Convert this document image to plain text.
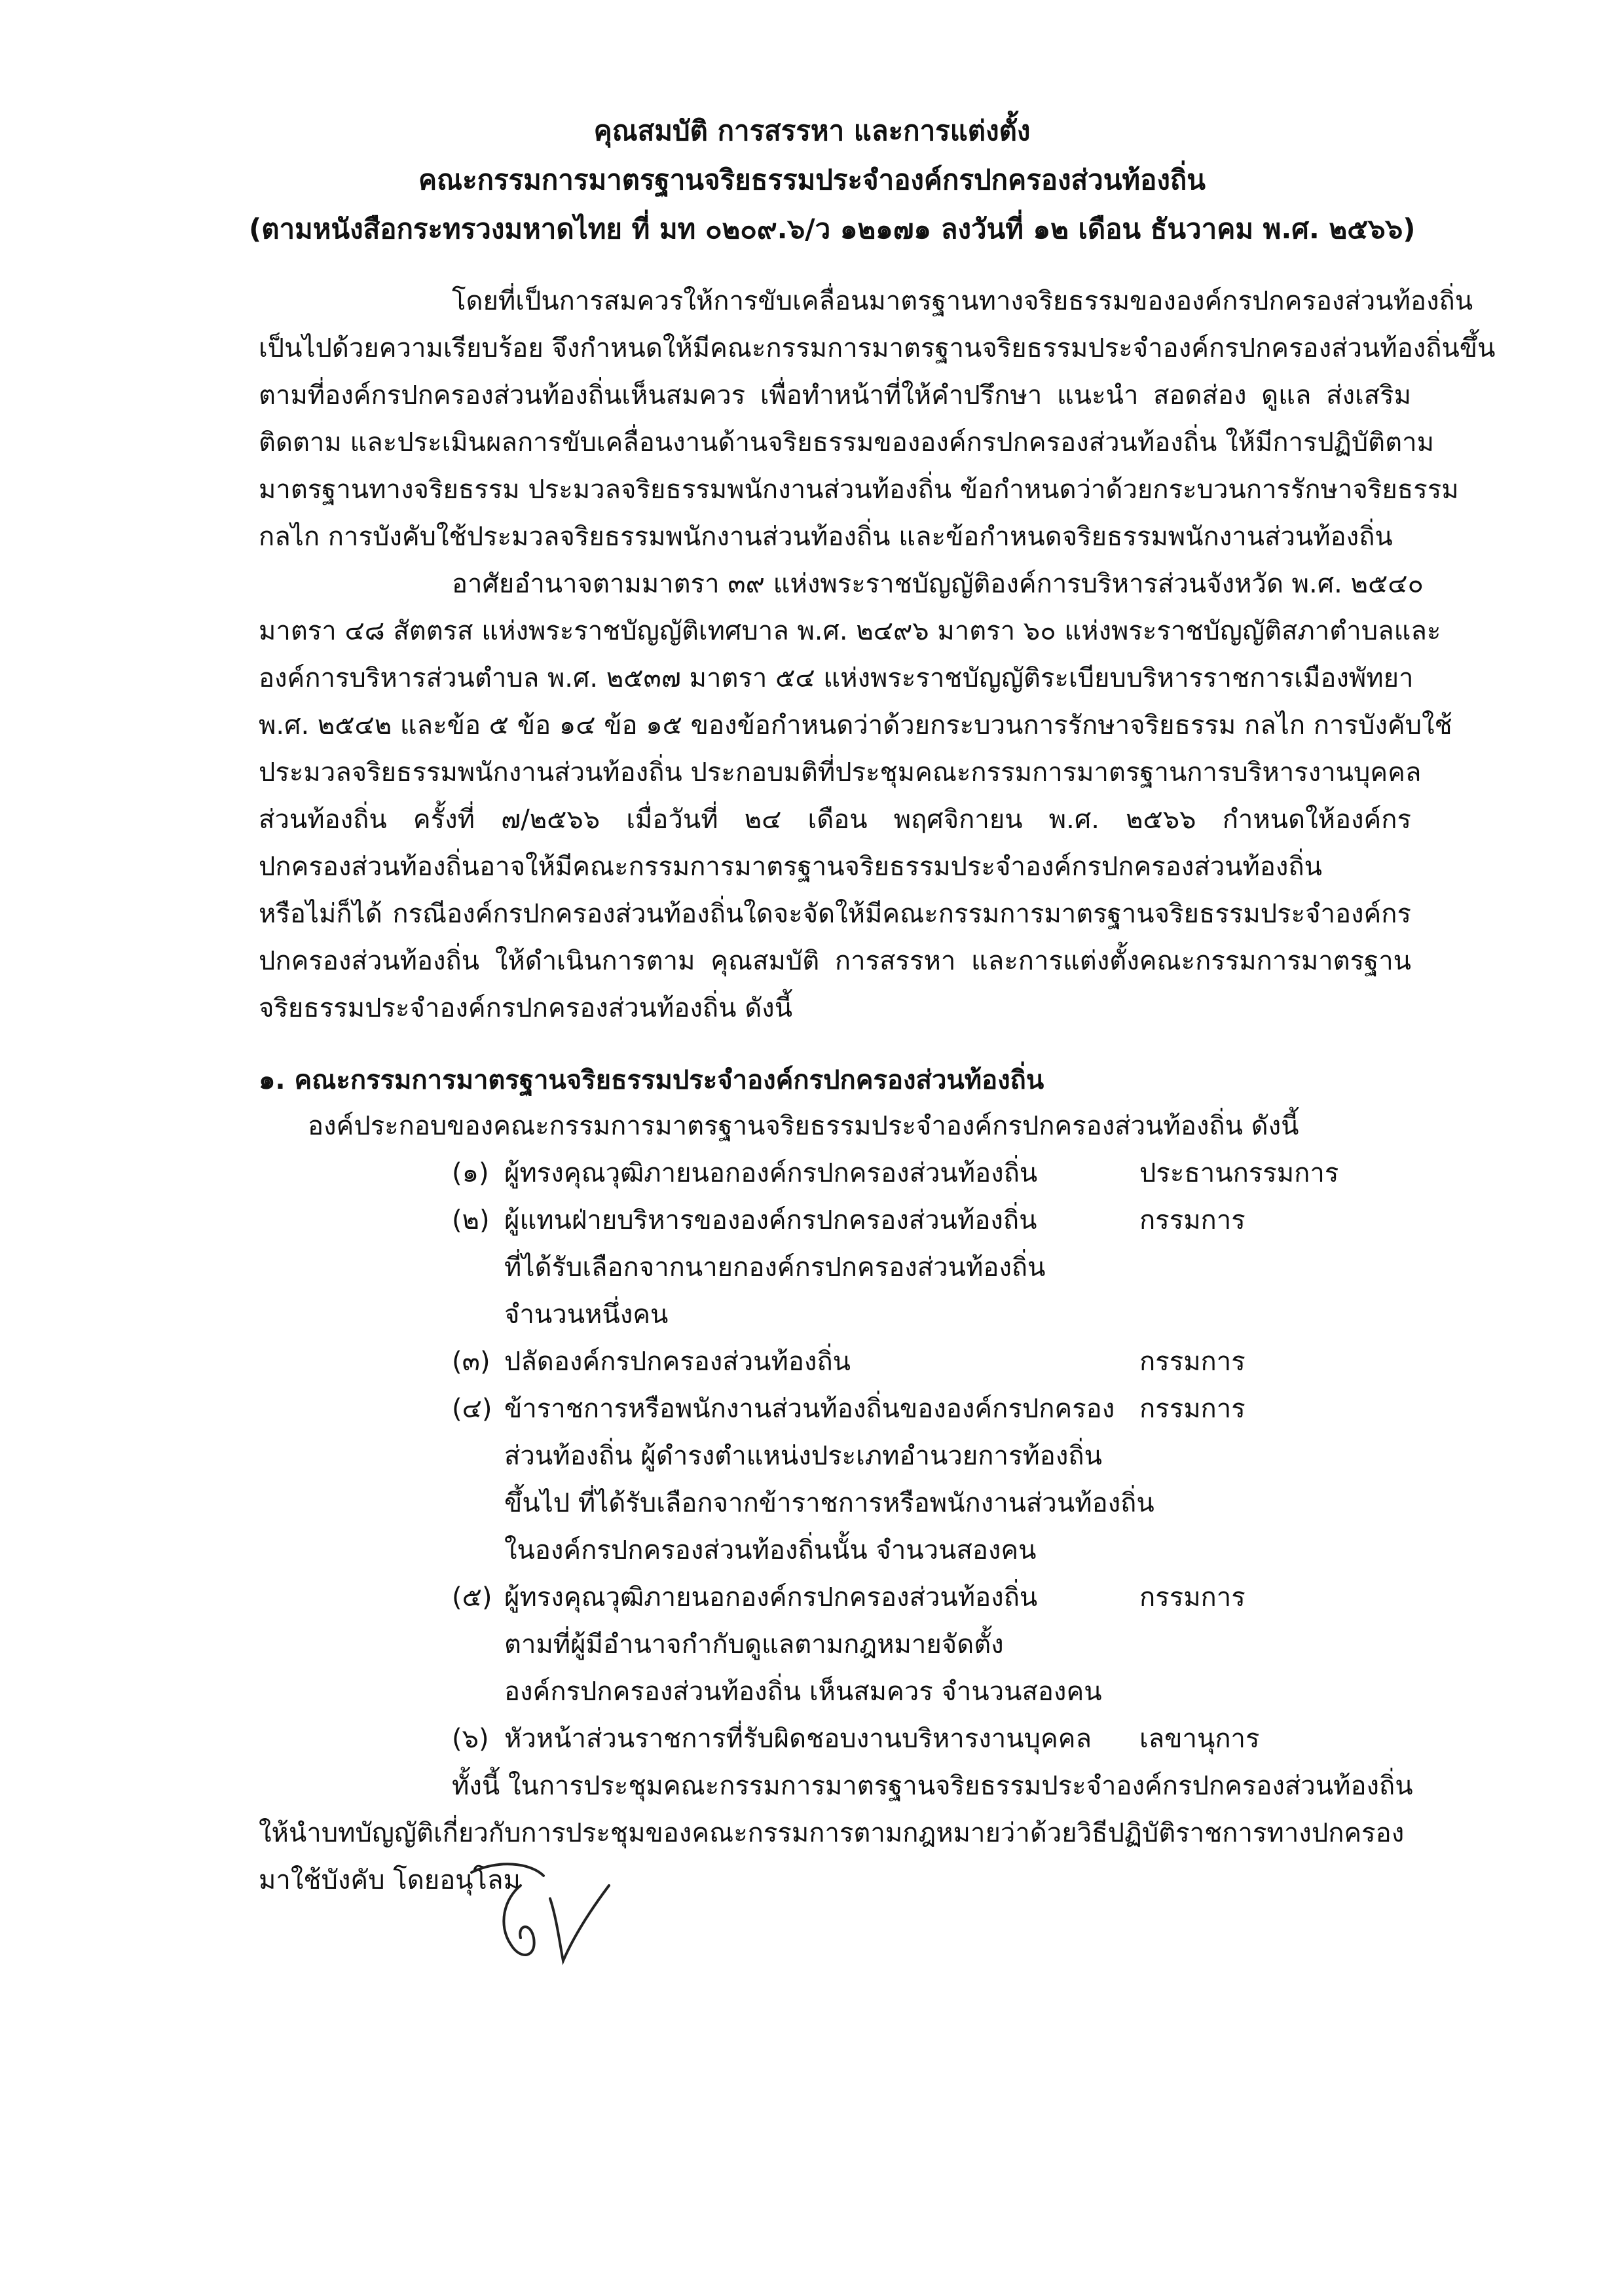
คุณสมบัติ การสรรหา และการแต่งตั้ง
คณะกรรมการมาตรฐานจริยธรรมประจำองค์กรปกครองส่วนท้องถิ่น
(ตามหนังสือกระทรวงมหาดไทย ที่ มท ๐๒๐๙.๖/ว ๑๒๑๗๑ ลงวันที่ ๑๒ เดือน ธันวาคม พ.ศ. ๒๕๖๖)
โดยที่เป็นการสมควรให้การขับเคลื่อนมาตรฐานทางจริยธรรมขององค์กรปกครองส่วนท้องถิ่น
เป็นไปด้วยความเรียบร้อย จึงกำหนดให้มีคณะกรรมการมาตรฐานจริยธรรมประจำองค์กรปกครองส่วนท้องถิ่นขึ้น
ตามที่องค์กรปกครองส่วนท้องถิ่นเห็นสมควร เพื่อทำหน้าที่ให้คำปรึกษา แนะนำ สอดส่อง ดูแล ส่งเสริม
ติดตาม และประเมินผลการขับเคลื่อนงานด้านจริยธรรมขององค์กรปกครองส่วนท้องถิ่น ให้มีการปฏิบัติตาม
มาตรฐานทางจริยธรรม ประมวลจริยธรรมพนักงานส่วนท้องถิ่น ข้อกำหนดว่าด้วยกระบวนการรักษาจริยธรรม
กลไก การบังคับใช้ประมวลจริยธรรมพนักงานส่วนท้องถิ่น และข้อกำหนดจริยธรรมพนักงานส่วนท้องถิ่น
อาศัยอำนาจตามมาตรา ๓๙ แห่งพระราชบัญญัติองค์การบริหารส่วนจังหวัด พ.ศ. ๒๕๔๐
มาตรา ๔๘ สัตตรส แห่งพระราชบัญญัติเทศบาล พ.ศ. ๒๔๙๖ มาตรา ๖๐ แห่งพระราชบัญญัติสภาตำบลและ
องค์การบริหารส่วนตำบล พ.ศ. ๒๕๓๗ มาตรา ๕๔ แห่งพระราชบัญญัติระเบียบบริหารราชการเมืองพัทยา
พ.ศ. ๒๕๔๒ และข้อ ๕ ข้อ ๑๔ ข้อ ๑๕ ของข้อกำหนดว่าด้วยกระบวนการรักษาจริยธรรม กลไก การบังคับใช้
ประมวลจริยธรรมพนักงานส่วนท้องถิ่น ประกอบมติที่ประชุมคณะกรรมการมาตรฐานการบริหารงานบุคคล
ส่วนท้องถิ่น ครั้งที่ ๗/๒๕๖๖ เมื่อวันที่ ๒๔ เดือน พฤศจิกายน พ.ศ. ๒๕๖๖ กำหนดให้องค์กร
ปกครองส่วนท้องถิ่นอาจให้มีคณะกรรมการมาตรฐานจริยธรรมประจำองค์กรปกครองส่วนท้องถิ่น
หรือไม่ก็ได้ กรณีองค์กรปกครองส่วนท้องถิ่นใดจะจัดให้มีคณะกรรมการมาตรฐานจริยธรรมประจำองค์กร
ปกครองส่วนท้องถิ่น ให้ดำเนินการตาม คุณสมบัติ การสรรหา และการแต่งตั้งคณะกรรมการมาตรฐาน
จริยธรรมประจำองค์กรปกครองส่วนท้องถิ่น ดังนี้
๑. คณะกรรมการมาตรฐานจริยธรรมประจำองค์กรปกครองส่วนท้องถิ่น
องค์ประกอบของคณะกรรมการมาตรฐานจริยธรรมประจำองค์กรปกครองส่วนท้องถิ่น ดังนี้
(๑) ผู้ทรงคุณวุฒิภายนอกองค์กรปกครองส่วนท้องถิ่น	ประธานกรรมการ
(๒) ผู้แทนฝ่ายบริหารขององค์กรปกครองส่วนท้องถิ่น
ที่ได้รับเลือกจากนายกองค์กรปกครองส่วนท้องถิ่น
จำนวนหนึ่งคน
กรรมการ
(๓) ปลัดองค์กรปกครองส่วนท้องถิ่น	กรรมการ
(๔) ข้าราชการหรือพนักงานส่วนท้องถิ่นขององค์กรปกครอง
ส่วนท้องถิ่น ผู้ดำรงตำแหน่งประเภทอำนวยการท้องถิ่น
ขึ้นไป ที่ได้รับเลือกจากข้าราชการหรือพนักงานส่วนท้องถิ่น
ในองค์กรปกครองส่วนท้องถิ่นนั้น จำนวนสองคน
กรรมการ
(๕) ผู้ทรงคุณวุฒิภายนอกองค์กรปกครองส่วนท้องถิ่น
ตามที่ผู้มีอำนาจกำกับดูแลตามกฎหมายจัดตั้ง
องค์กรปกครองส่วนท้องถิ่น เห็นสมควร จำนวนสองคน
กรรมการ
(๖) หัวหน้าส่วนราชการที่รับผิดชอบงานบริหารงานบุคคล เลขานุการ
ทั้งนี้ ในการประชุมคณะกรรมการมาตรฐานจริยธรรมประจำองค์กรปกครองส่วนท้องถิ่น
ให้นำบทบัญญัติเกี่ยวกับการประชุมของคณะกรรมการตามกฎหมายว่าด้วยวิธีปฏิบัติราชการทางปกครอง
มาใช้บังคับ โดยอนุโลม
